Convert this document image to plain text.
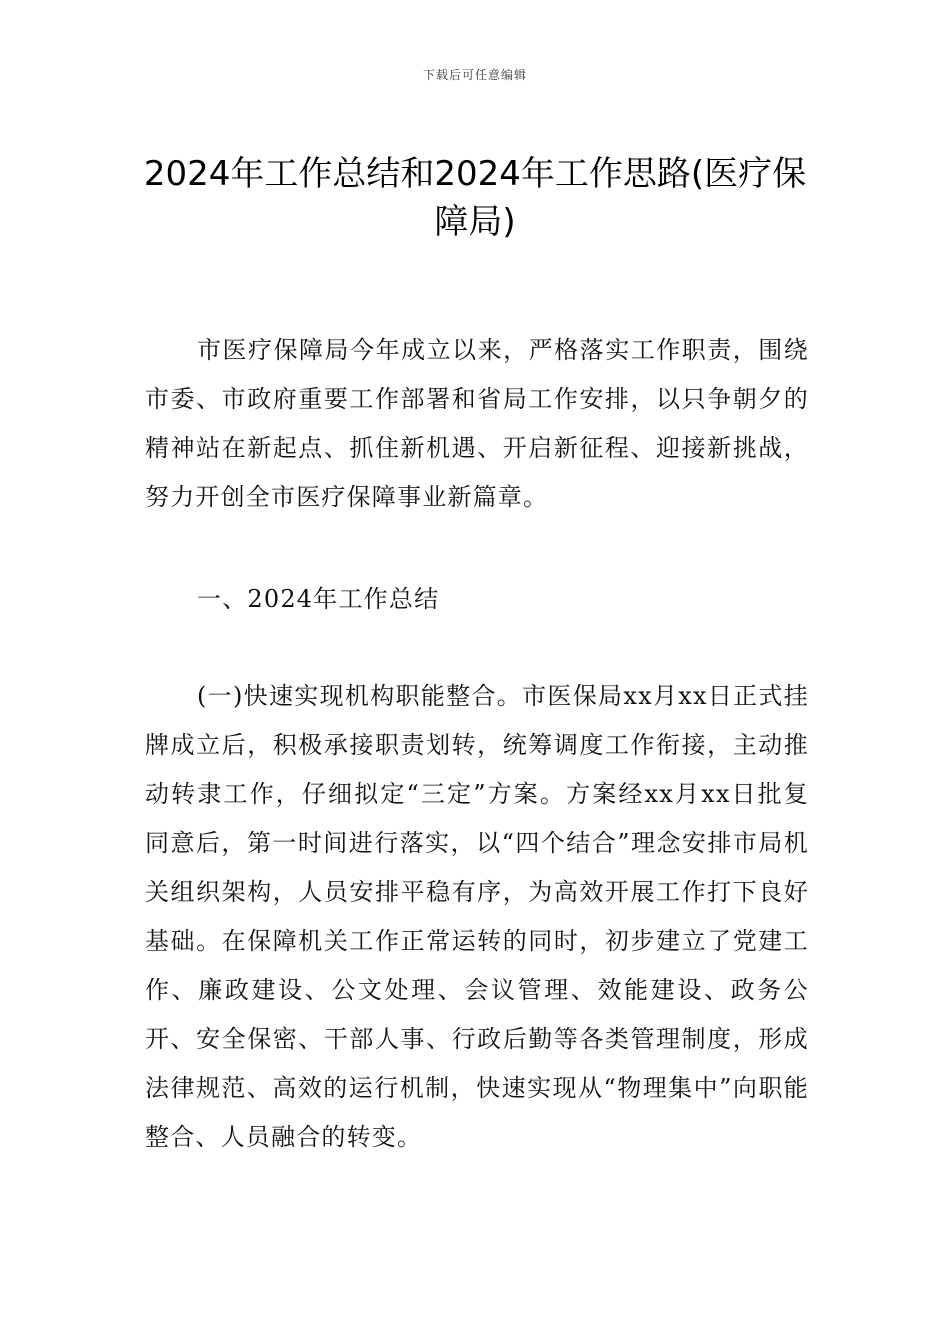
下载后可任意编辑
2024年工作总结和2024年工作思路(医疗保障局)

市医疗保障局今年成立以来，严格落实工作职责，围绕市委、市政府重要工作部署和省局工作安排，以只争朝夕的精神站在新起点、抓住新机遇、开启新征程、迎接新挑战，努力开创全市医疗保障事业新篇章。

一、2024年工作总结

(一)快速实现机构职能整合。市医保局xx月xx日正式挂牌成立后，积极承接职责划转，统筹调度工作衔接，主动推动转隶工作，仔细拟定“三定”方案。方案经xx月xx日批复同意后，第一时间进行落实，以“四个结合”理念安排市局机关组织架构，人员安排平稳有序，为高效开展工作打下良好基础。在保障机关工作正常运转的同时，初步建立了党建工作、廉政建设、公文处理、会议管理、效能建设、政务公开、安全保密、干部人事、行政后勤等各类管理制度，形成法律规范、高效的运行机制，快速实现从“物理集中”向职能整合、人员融合的转变。
